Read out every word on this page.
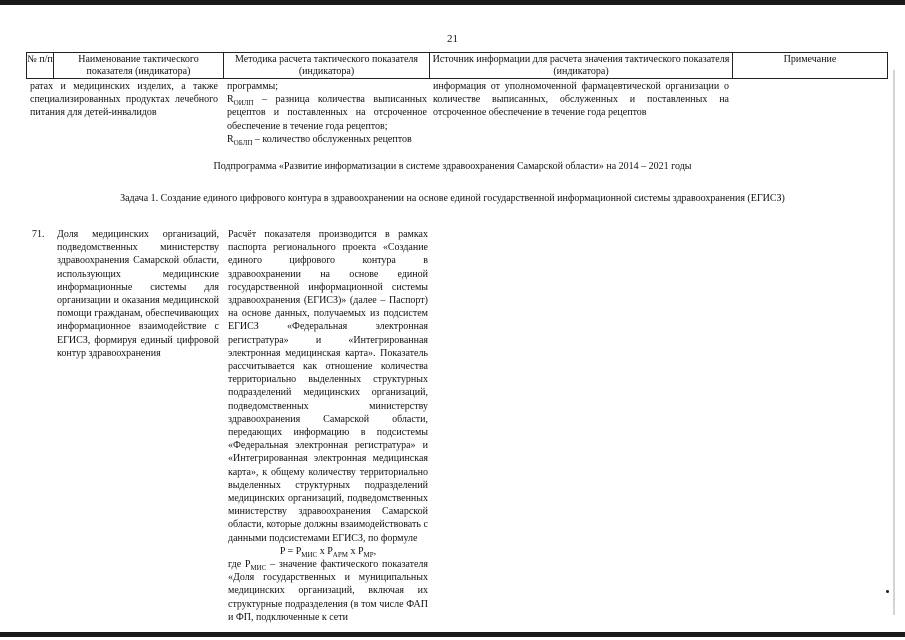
21
№ п/п	Наименование тактического показателя (индикатора)
Методика расчета тактического показателя (индикатора)
Источник информации для расчета значения тактического показателя (индикатора)
Примечание

ратах и медицинских изделих, а также специализированных продуктах лечебного питания для детей-инвалидов

программы;
$R_{ОИЛП}$ – разница количества выписанных рецептов и поставленных на отсроченное обеспечение в течение года рецептов;
$R_{ОБЛП}$ – количество обслуженных рецептов

информация от уполномоченной фармацевтической организации о количестве выписанных, обслуженных и поставленных на отсроченное обеспечение в течение года рецептов

Подпрограмма «Развитие информатизации в системе здравоохранения Самарской области» на 2014 – 2021 годы
Задача 1. Создание единого цифрового контура в здравоохранении на основе единой государственной информационной системы здравоохранения (ЕГИСЗ)
71. Доля медицинских организаций, подведомственных министерству здравоохранения Самарской области, использующих медицинские информационные системы для организации и оказания медицинской помощи гражданам, обеспечивающих информационное взаимодействие с ЕГИСЗ, формируя единый цифровой контур здравоохранения

Расчёт показателя производится в рамках паспорта регионального проекта «Создание единого цифрового контура в здравоохранении на основе единой государственной информационной системы здравоохранения (ЕГИСЗ)» (далее – Паспорт) на основе данных, получаемых из подсистем ЕГИСЗ «Федеральная электронная регистратура» и «Интегрированная электронная медицинская карта». Показатель рассчитывается как отношение количества территориально выделенных структурных подразделений медицинских организаций, подведомственных министерству здравоохранения Самарской области, передающих информацию в подсистемы «Федеральная электронная регистратура» и «Интегрированная электронная медицинская карта», к общему количеству территориально выделенных структурных подразделений медицинских организаций, подведомственных министерству здравоохранения Самарской области, которые должны взаимодействовать с данными подсистемами ЕГИСЗ, по формуле
$P = P_{МИС}$ x $P_{АРМ}$ x $P_{МР}$,
где $P_{МИС}$ – значение фактического показателя «Доля государственных и муниципальных медицинских организаций, включая их структурные подразделения (в том числе ФАП и ФП, подключенные к сети
